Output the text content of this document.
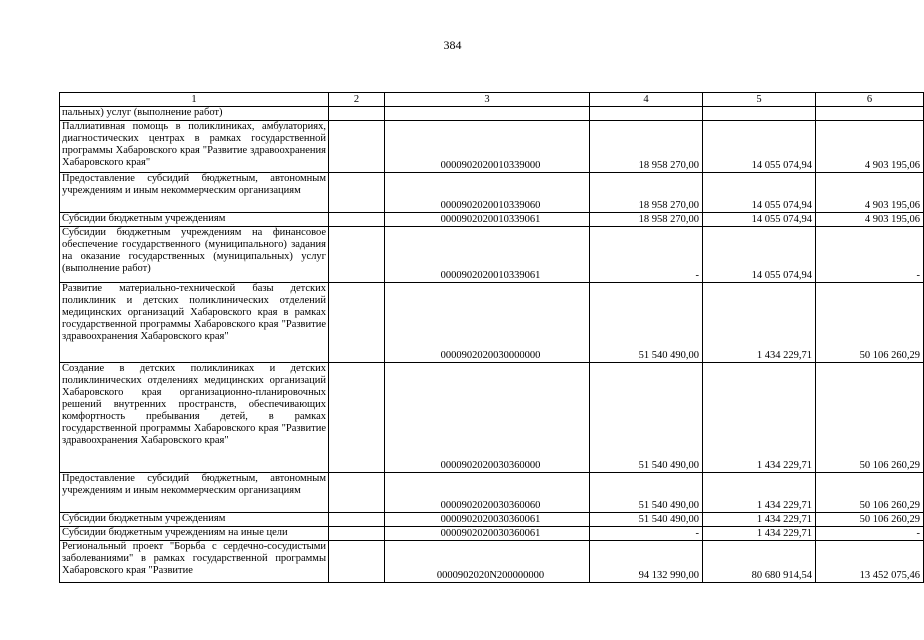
384
1	2	3	4	5	6
пальных) услуг (выполнение работ)					
Паллиативная помощь в поликлиниках, амбулаториях, диагностических центрах в рамках государственной программы Хабаровского края "Развитие здравоохранения Хабаровского края"		0000902020010339000	18 958 270,00	14 055 074,94	4 903 195,06
Предоставление субсидий бюджетным, автономным учреждениям и иным некоммерческим организациям		0000902020010339060	18 958 270,00	14 055 074,94	4 903 195,06
Субсидии бюджетным учреждениям		0000902020010339061	18 958 270,00	14 055 074,94	4 903 195,06
Субсидии бюджетным учреждениям на финансовое обеспечение государственного (муниципального) задания на оказание государственных (муниципальных) услуг (выполнение работ)		0000902020010339061	-	14 055 074,94	-
Развитие материально-технической базы детских поликлиник и детских поликлинических отделений медицинских организаций Хабаровского края в рамках государственной программы Хабаровского края "Развитие здравоохранения Хабаровского края"		0000902020030000000	51 540 490,00	1 434 229,71	50 106 260,29
Создание в детских поликлиниках и детских поликлинических отделениях медицинских организаций Хабаровского края организационно-планировочных решений внутренних пространств, обеспечивающих комфортность пребывания детей, в рамках государственной программы Хабаровского края "Развитие здравоохранения Хабаровского края"		0000902020030360000	51 540 490,00	1 434 229,71	50 106 260,29
Предоставление субсидий бюджетным, автономным учреждениям и иным некоммерческим организациям		0000902020030360060	51 540 490,00	1 434 229,71	50 106 260,29
Субсидии бюджетным учреждениям		0000902020030360061	51 540 490,00	1 434 229,71	50 106 260,29
Субсидии бюджетным учреждениям на иные цели		0000902020030360061	-	1 434 229,71	-
Региональный проект "Борьба с сердечно-сосудистыми заболеваниями" в рамках государственной программы Хабаровского края "Развитие		0000902020N200000000	94 132 990,00	80 680 914,54	13 452 075,46
